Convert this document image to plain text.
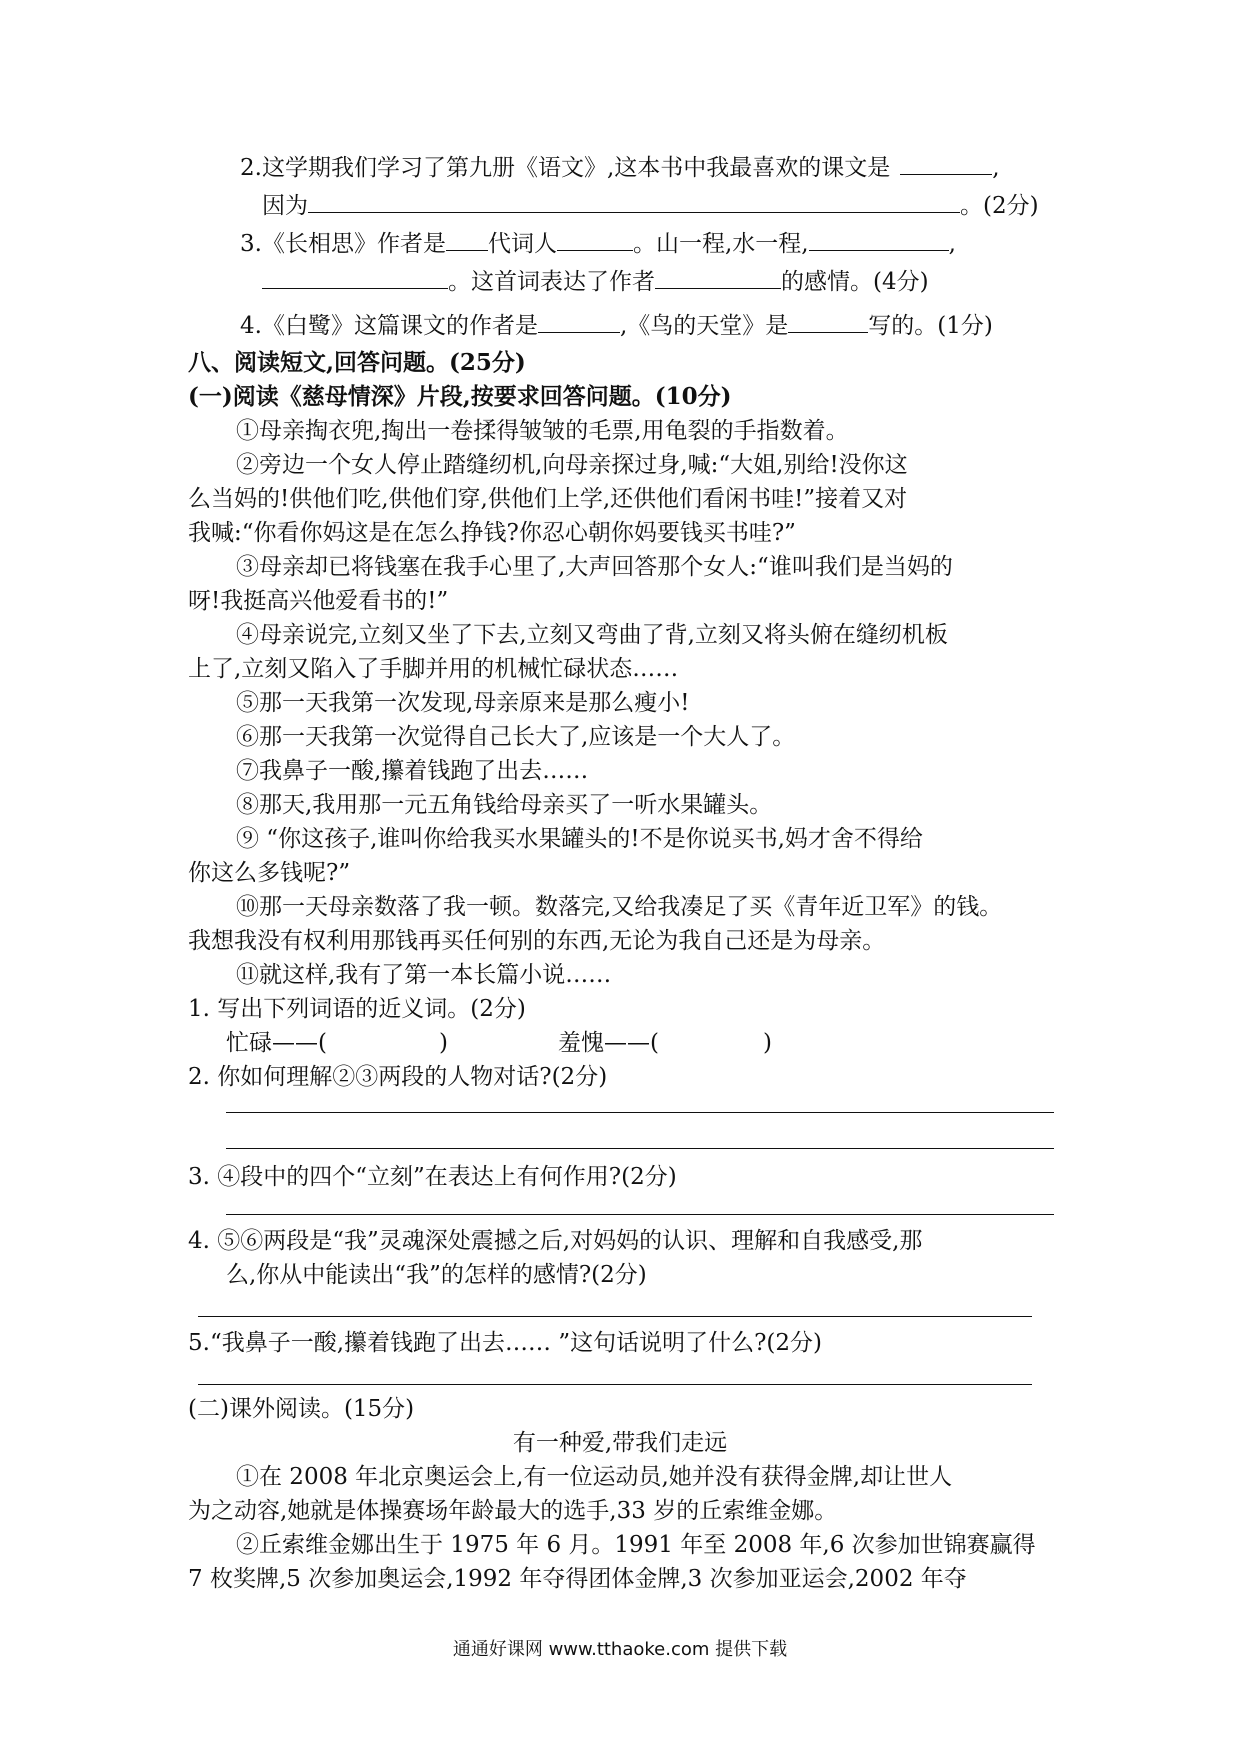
2.这学期我们学习了第九册《语文》,这本书中我最喜欢的课文是	,
因为	。(2分)
3.《长相思》作者是 代词人	。山一程,水一程,	,
。这首词表达了作者	的感情。(4分)
4.《白鹭》这篇课文的作者是	,《鸟的天堂》是	写的。(1分)
八、阅读短文,回答问题。(25分)
(一)阅读《慈母情深》片段,按要求回答问题。(10分)
①母亲掏衣兜,掏出一卷揉得皱皱的毛票,用龟裂的手指数着。
②旁边一个女人停止踏缝纫机,向母亲探过身,喊:“大姐,别给!没你这
么当妈的!供他们吃,供他们穿,供他们上学,还供他们看闲书哇!”接着又对
我喊:“你看你妈这是在怎么挣钱?你忍心朝你妈要钱买书哇?”
③母亲却已将钱塞在我手心里了,大声回答那个女人:“谁叫我们是当妈的
呀!我挺高兴他爱看书的!”
④母亲说完,立刻又坐了下去,立刻又弯曲了背,立刻又将头俯在缝纫机板
上了,立刻又陷入了手脚并用的机械忙碌状态……
⑤那一天我第一次发现,母亲原来是那么瘦小!
⑥那一天我第一次觉得自己长大了,应该是一个大人了。
⑦我鼻子一酸,攥着钱跑了出去……
⑧那天,我用那一元五角钱给母亲买了一听水果罐头。
⑨ “你这孩子,谁叫你给我买水果罐头的!不是你说买书,妈才舍不得给
你这么多钱呢?”
⑩那一天母亲数落了我一顿。数落完,又给我凑足了买《青年近卫军》的钱。
我想我没有权利用那钱再买任何别的东西,无论为我自己还是为母亲。
⑪就这样,我有了第一本长篇小说……
1. 写出下列词语的近义词。(2分)
忙碌——(	)	羞愧——(	)
2. 你如何理解②③两段的人物对话?(2分)
3. ④段中的四个“立刻”在表达上有何作用?(2分)
4. ⑤⑥两段是“我”灵魂深处震撼之后,对妈妈的认识、理解和自我感受,那
么,你从中能读出“我”的怎样的感情?(2分)
5.“我鼻子一酸,攥着钱跑了出去…… ”这句话说明了什么?(2分)
(二)课外阅读。(15分)
有一种爱,带我们走远
①在 2008 年北京奥运会上,有一位运动员,她并没有获得金牌,却让世人
为之动容,她就是体操赛场年龄最大的选手,33 岁的丘索维金娜。
②丘索维金娜出生于 1975 年 6 月。1991 年至 2008 年,6 次参加世锦赛赢得
7 枚奖牌,5 次参加奥运会,1992 年夺得团体金牌,3 次参加亚运会,2002 年夺
通通好课网 www.tthaoke.com 提供下载
